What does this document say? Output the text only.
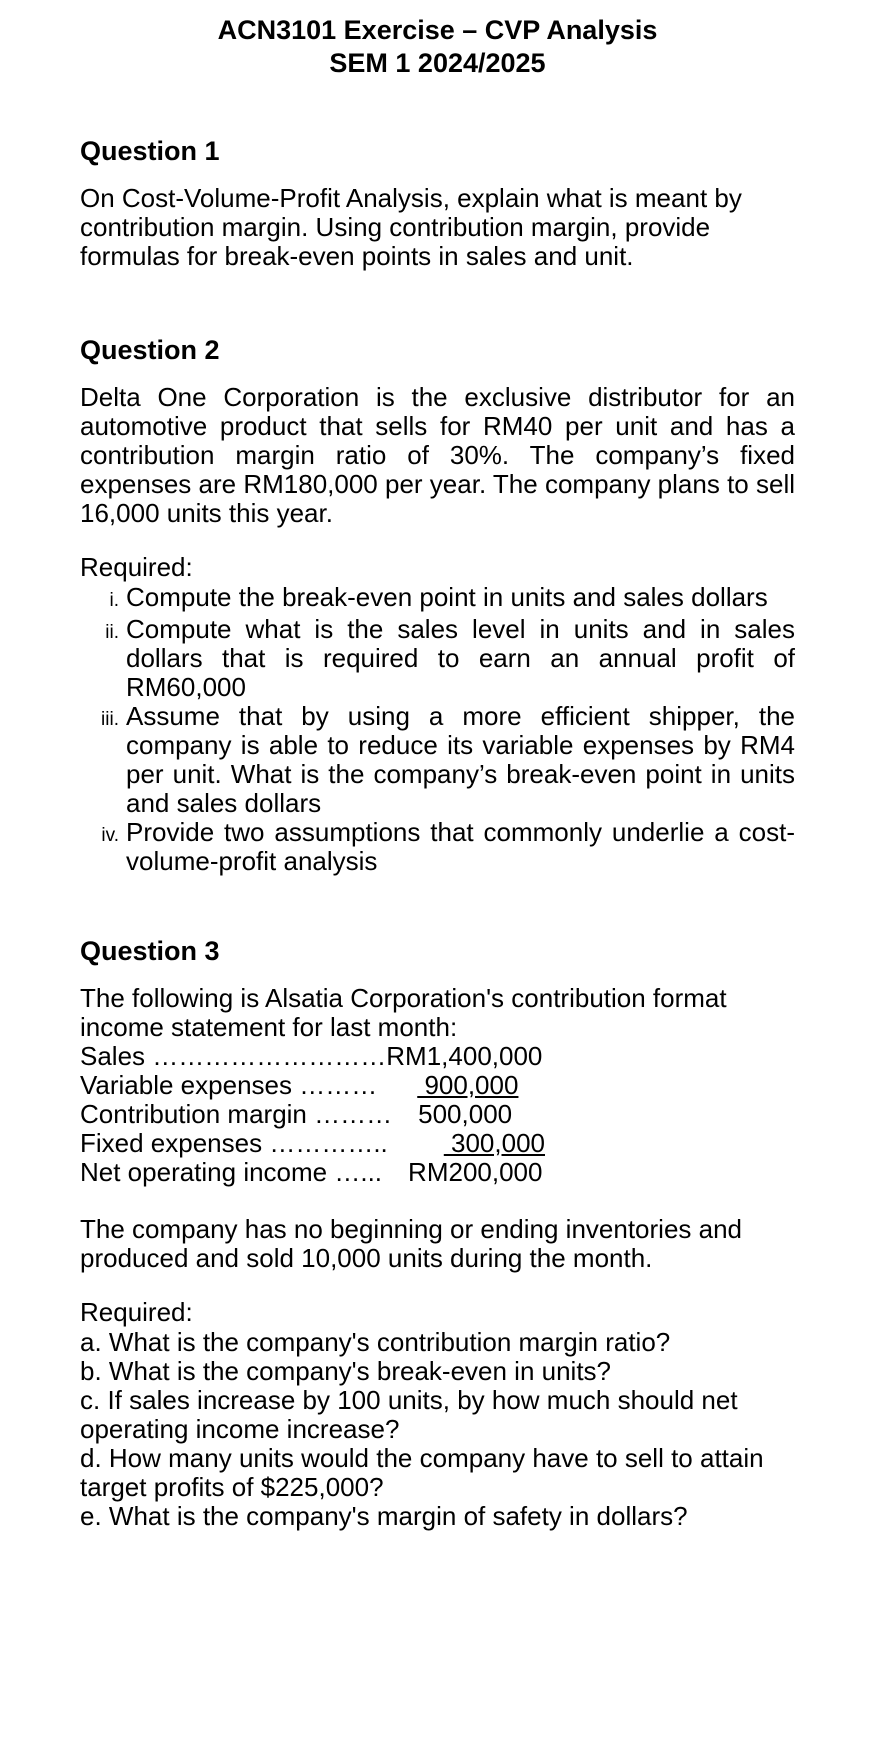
ACN3101 Exercise – CVP Analysis
SEM 1 2024/2025
Question 1

On Cost-Volume-Profit Analysis, explain what is meant by contribution margin. Using contribution margin, provide formulas for break-even points in sales and unit.

Question 2

Delta One Corporation is the exclusive distributor for an automotive product that sells for RM40 per unit and has a contribution margin ratio of 30%. The company’s fixed expenses are RM180,000 per year. The company plans to sell 16,000 units this year.

Required:
i. Compute the break-even point in units and sales dollars
ii. Compute what is the sales level in units and in sales dollars that is required to earn an annual profit of RM60,000
iii. Assume that by using a more efficient shipper, the company is able to reduce its variable expenses by RM4 per unit. What is the company’s break-even point in units and sales dollars
iv. Provide two assumptions that commonly underlie a cost-volume-profit analysis
Question 3

The following is Alsatia Corporation's contribution format income statement for last month:

Sales ………………………RM1,400,000
Variable expenses ……… 900,000
Contribution margin ……… 500,000
Fixed expenses ………….. 300,000
Net operating income …... RM200,000

The company has no beginning or ending inventories and produced and sold 10,000 units during the month.

Required:
a. What is the company's contribution margin ratio?
b. What is the company's break-even in units?
c. If sales increase by 100 units, by how much should net operating income increase?
d. How many units would the company have to sell to attain target profits of $225,000?
e. What is the company's margin of safety in dollars?
